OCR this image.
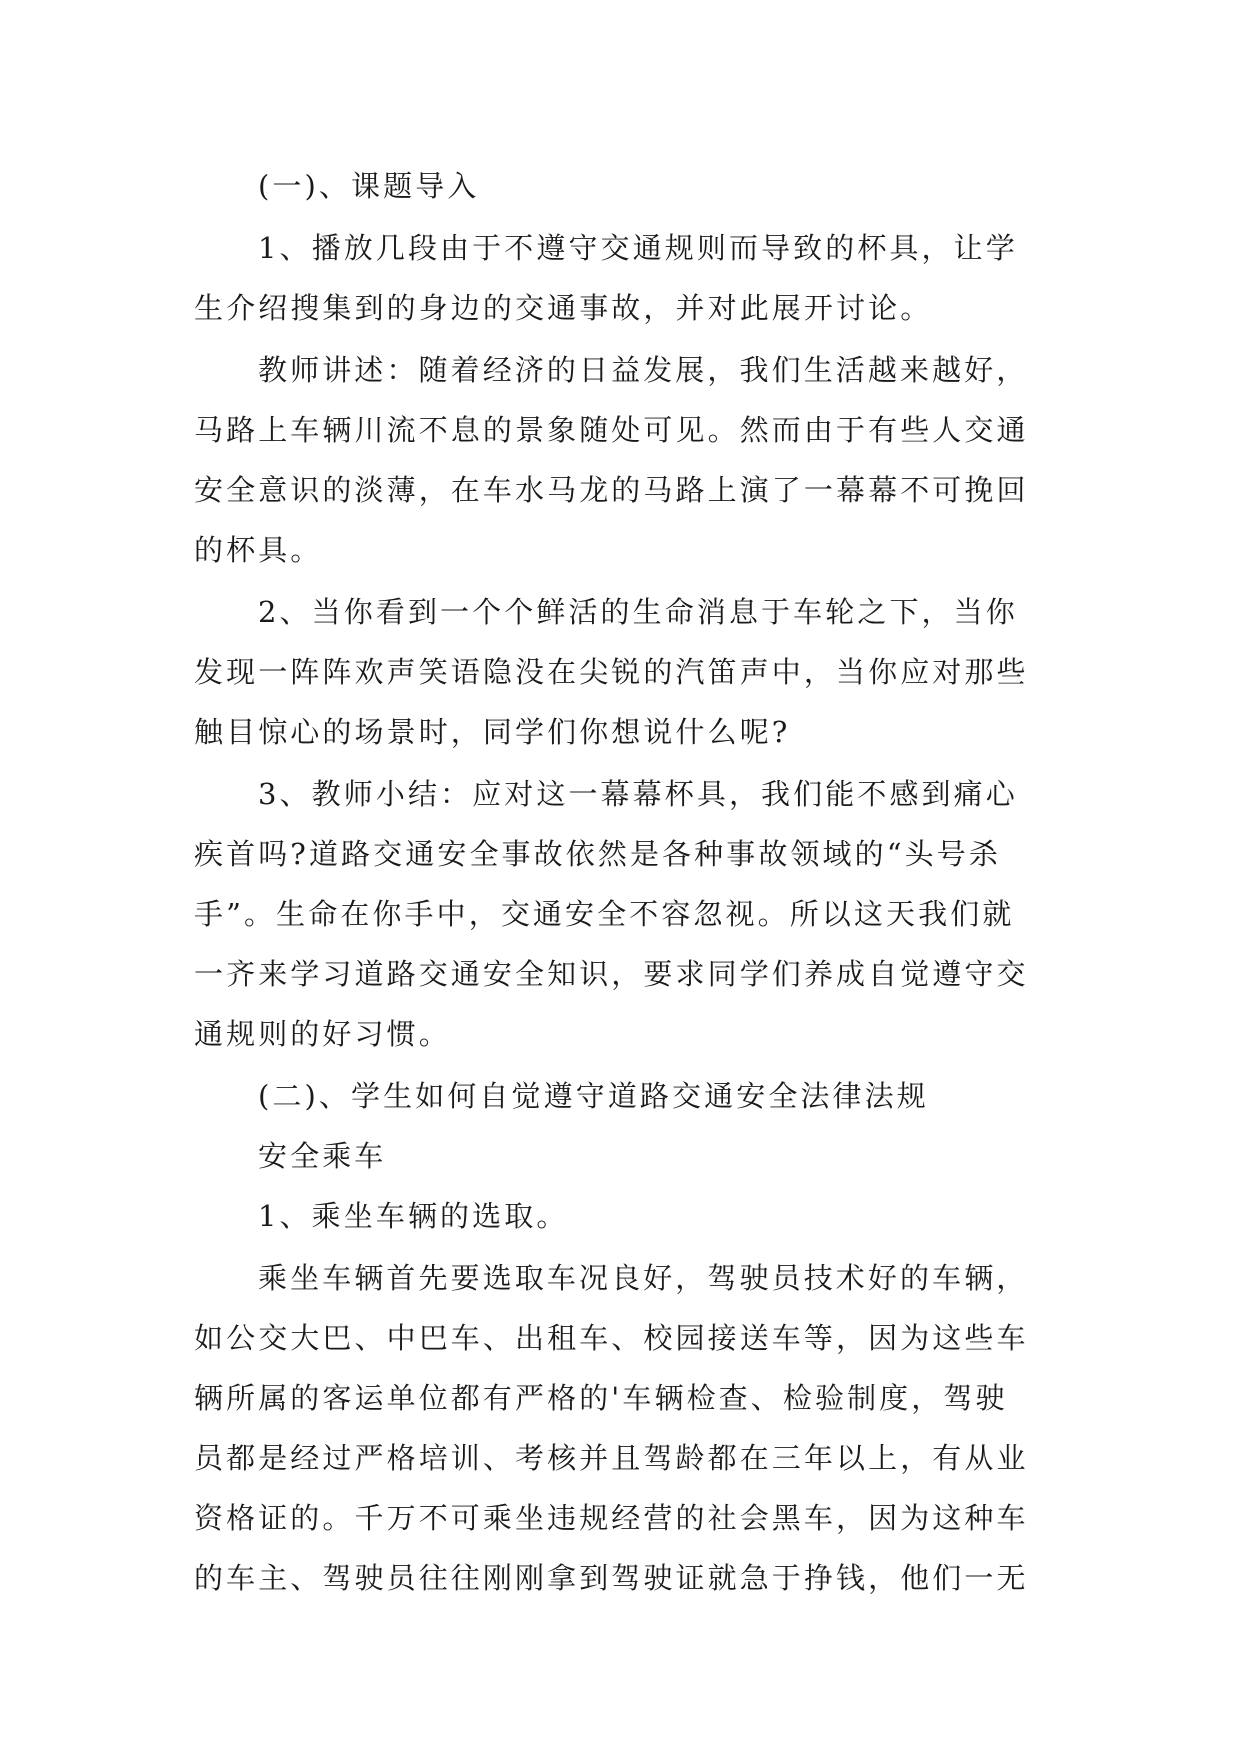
(一)、课题导入

1、播放几段由于不遵守交通规则而导致的杯具，让学

生介绍搜集到的身边的交通事故，并对此展开讨论。

教师讲述：随着经济的日益发展，我们生活越来越好，

马路上车辆川流不息的景象随处可见。然而由于有些人交通

安全意识的淡薄，在车水马龙的马路上演了一幕幕不可挽回

的杯具。

2、当你看到一个个鲜活的生命消息于车轮之下，当你

发现一阵阵欢声笑语隐没在尖锐的汽笛声中，当你应对那些

触目惊心的场景时，同学们你想说什么呢?

3、教师小结：应对这一幕幕杯具，我们能不感到痛心

疾首吗?道路交通安全事故依然是各种事故领域的“头号杀

手”。生命在你手中，交通安全不容忽视。所以这天我们就

一齐来学习道路交通安全知识，要求同学们养成自觉遵守交

通规则的好习惯。

(二)、学生如何自觉遵守道路交通安全法律法规

安全乘车

1、乘坐车辆的选取。

乘坐车辆首先要选取车况良好，驾驶员技术好的车辆，

如公交大巴、中巴车、出租车、校园接送车等，因为这些车

辆所属的客运单位都有严格的'车辆检查、检验制度，驾驶

员都是经过严格培训、考核并且驾龄都在三年以上，有从业

资格证的。千万不可乘坐违规经营的社会黑车，因为这种车

的车主、驾驶员往往刚刚拿到驾驶证就急于挣钱，他们一无
